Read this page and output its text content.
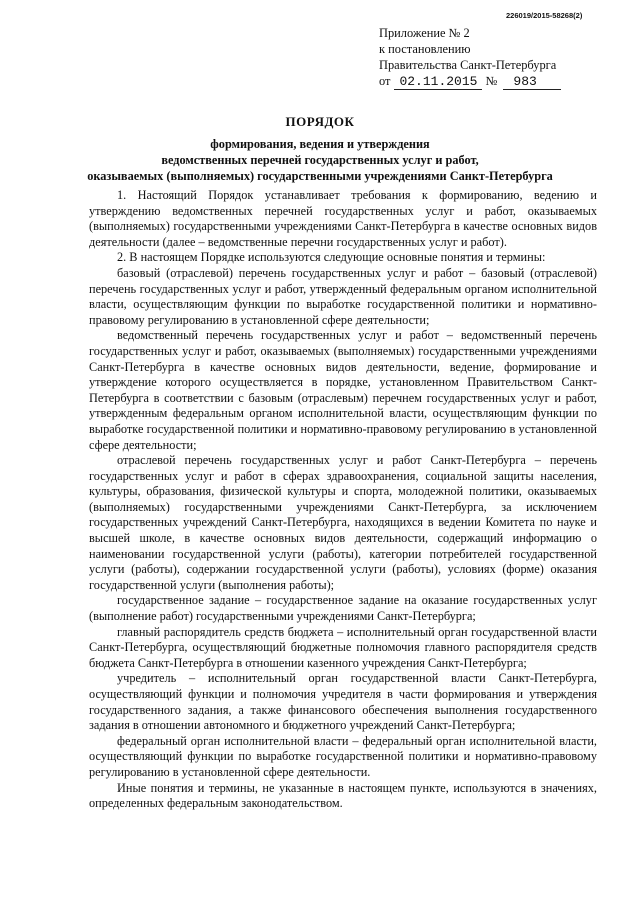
226019/2015-58268(2)
Приложение № 2
к постановлению
Правительства Санкт-Петербурга
от 02.11.2015 № 983
ПОРЯДОК
формирования, ведения и утверждения
ведомственных перечней государственных услуг и работ,
оказываемых (выполняемых) государственными учреждениями Санкт-Петербурга

1. Настоящий Порядок устанавливает требования к формированию, ведению и утверждению ведомственных перечней государственных услуг и работ, оказываемых (выполняемых) государственными учреждениями Санкт-Петербурга в качестве основных видов деятельности (далее – ведомственные перечни государственных услуг и работ).

2. В настоящем Порядке используются следующие основные понятия и термины:

базовый (отраслевой) перечень государственных услуг и работ – базовый (отраслевой) перечень государственных услуг и работ, утвержденный федеральным органом исполнительной власти, осуществляющим функции по выработке государственной политики и нормативно-правовому регулированию в установленной сфере деятельности;

ведомственный перечень государственных услуг и работ – ведомственный перечень государственных услуг и работ, оказываемых (выполняемых) государственными учреждениями Санкт-Петербурга в качестве основных видов деятельности, ведение, формирование и утверждение которого осуществляется в порядке, установленном Правительством Санкт-Петербурга в соответствии с базовым (отраслевым) перечнем государственных услуг и работ, утвержденным федеральным органом исполнительной власти, осуществляющим функции по выработке государственной политики и нормативно-правовому регулированию в установленной сфере деятельности;

отраслевой перечень государственных услуг и работ Санкт-Петербурга – перечень государственных услуг и работ в сферах здравоохранения, социальной защиты населения, культуры, образования, физической культуры и спорта, молодежной политики, оказываемых (выполняемых) государственными учреждениями Санкт-Петербурга, за исключением государственных учреждений Санкт-Петербурга, находящихся в ведении Комитета по науке и высшей школе, в качестве основных видов деятельности, содержащий информацию о наименовании государственной услуги (работы), категории потребителей государственной услуги (работы), содержании государственной услуги (работы), условиях (форме) оказания государственной услуги (выполнения работы);

государственное задание – государственное задание на оказание государственных услуг (выполнение работ) государственными учреждениями Санкт-Петербурга;

главный распорядитель средств бюджета – исполнительный орган государственной власти Санкт-Петербурга, осуществляющий бюджетные полномочия главного распорядителя средств бюджета Санкт-Петербурга в отношении казенного учреждения Санкт-Петербурга;

учредитель – исполнительный орган государственной власти Санкт-Петербурга, осуществляющий функции и полномочия учредителя в части формирования и утверждения государственного задания, а также финансового обеспечения выполнения государственного задания в отношении автономного и бюджетного учреждений Санкт-Петербурга;

федеральный орган исполнительной власти – федеральный орган исполнительной власти, осуществляющий функции по выработке государственной политики и нормативно-правовому регулированию в установленной сфере деятельности.

Иные понятия и термины, не указанные в настоящем пункте, используются в значениях, определенных федеральным законодательством.
